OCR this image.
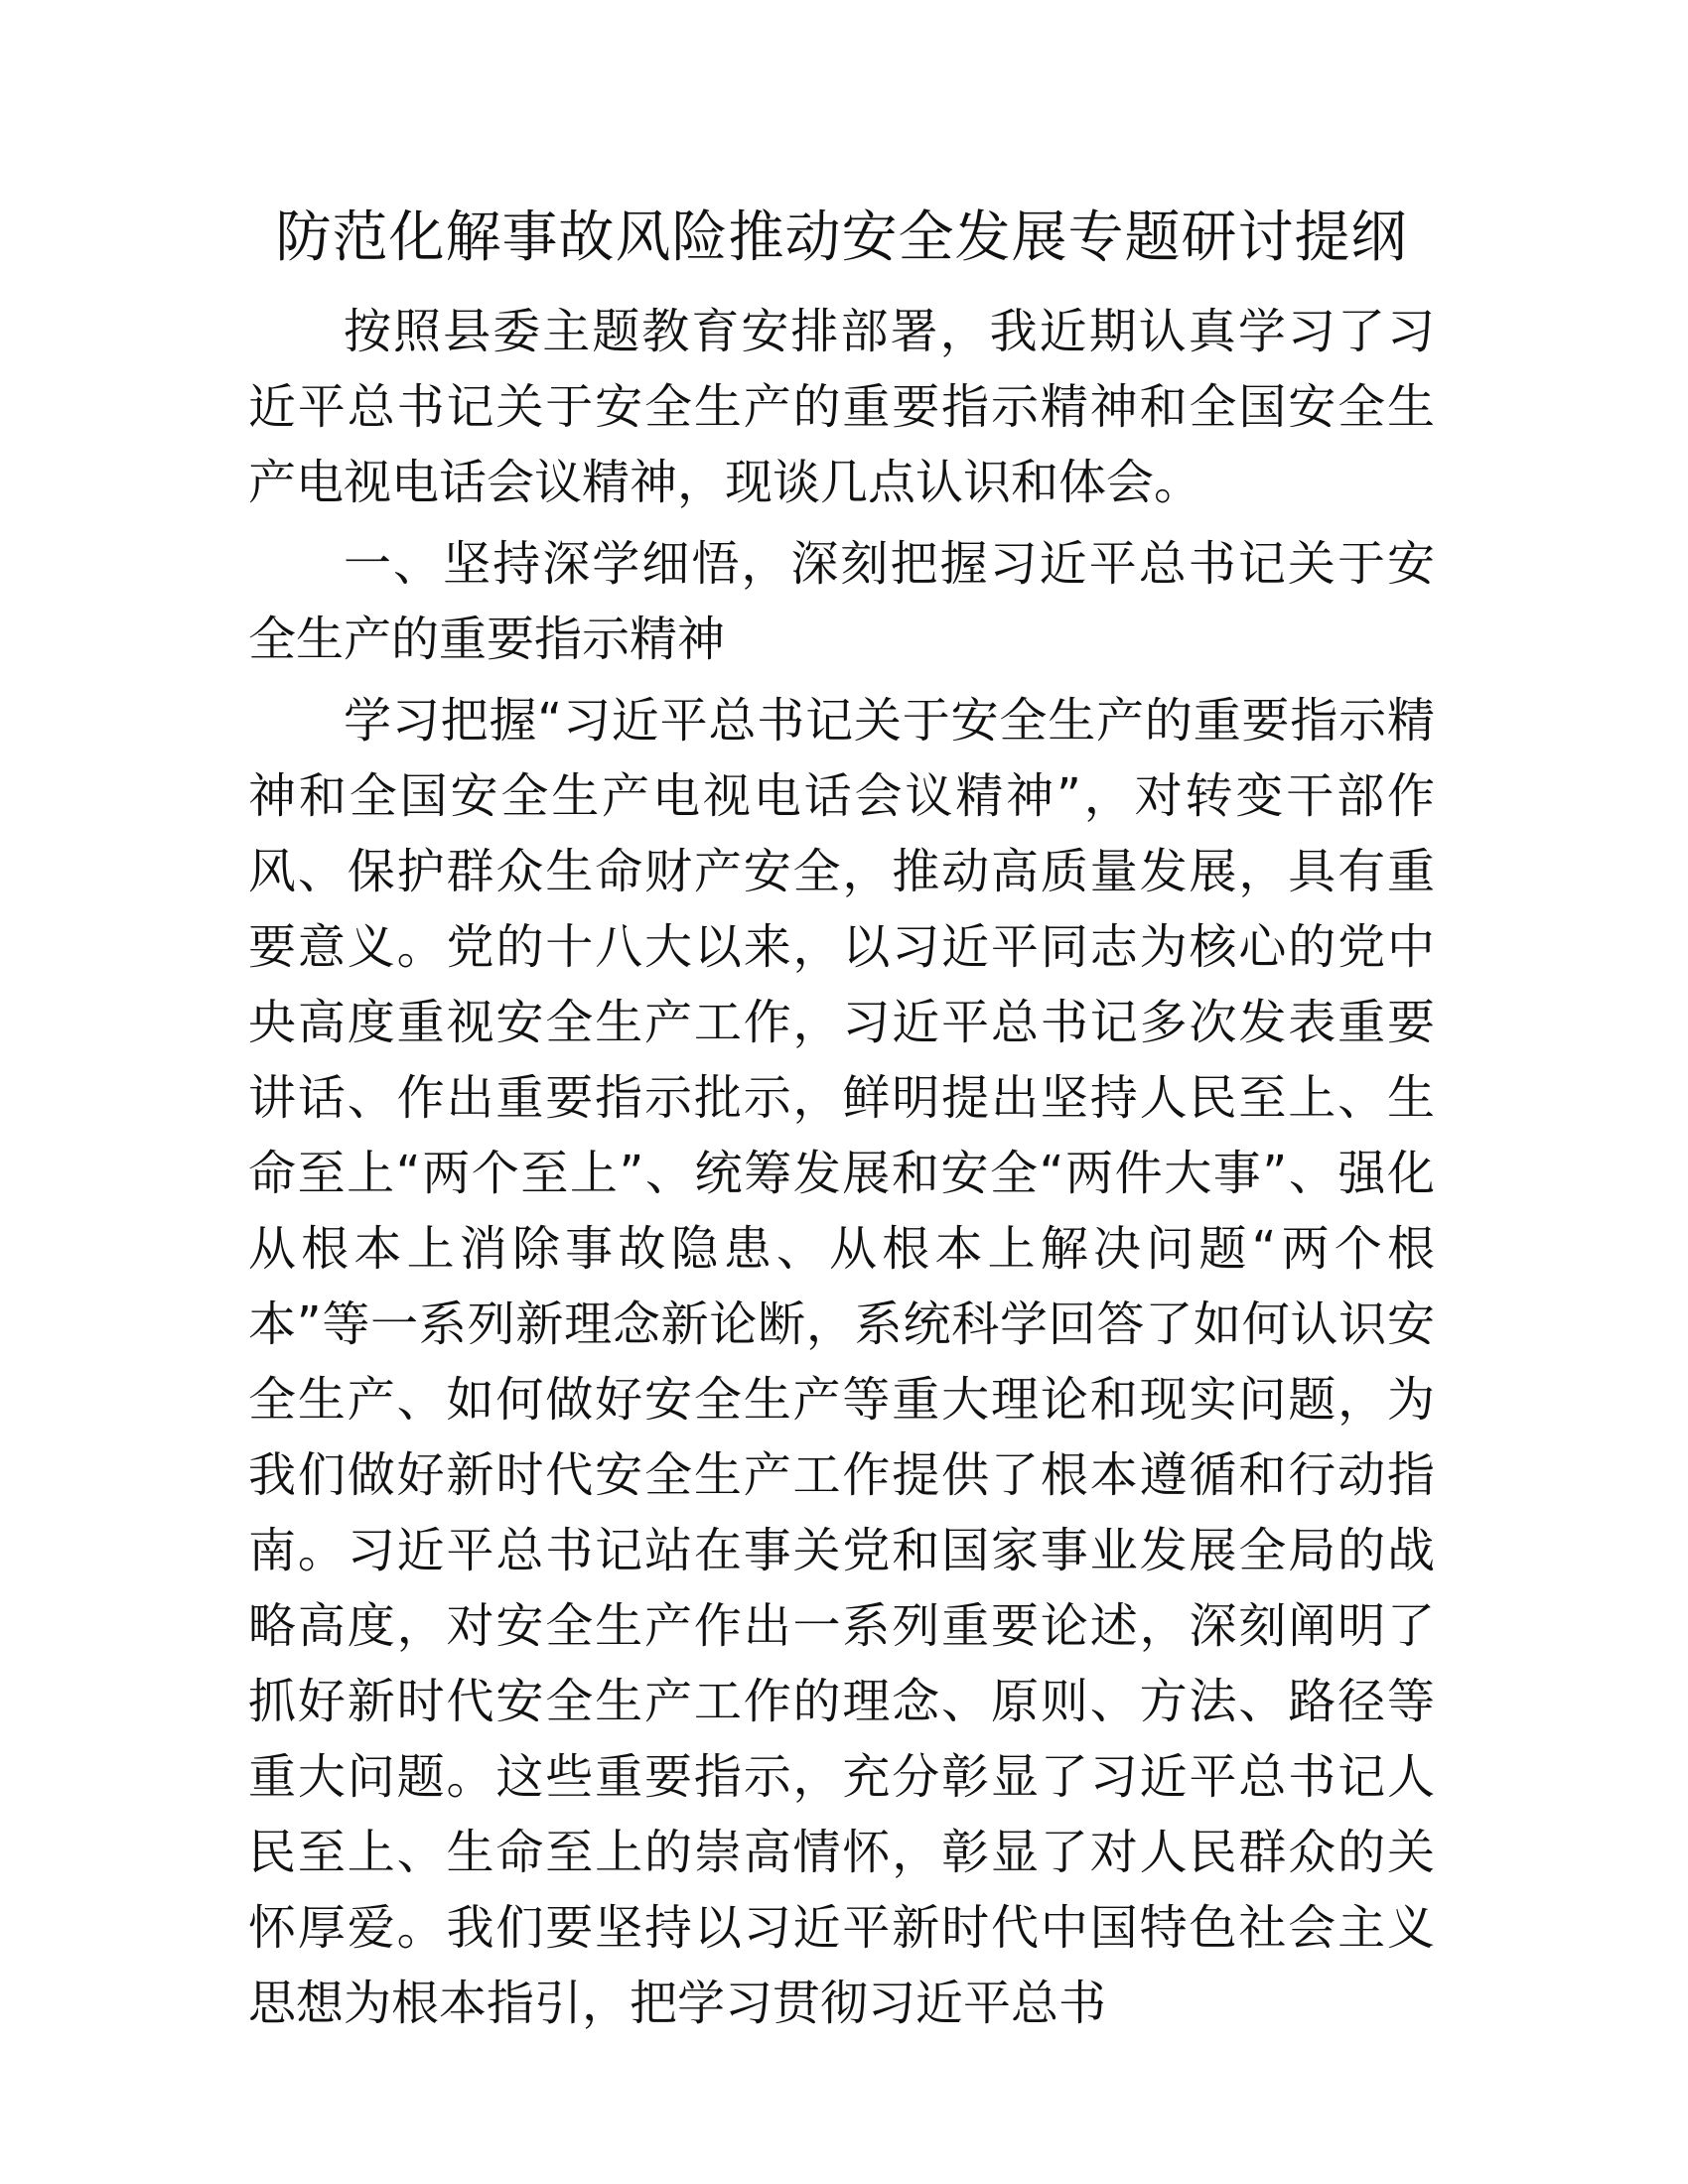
防范化解事故风险推动安全发展专题研讨提纲

按照县委主题教育安排部署，我近期认真学习了习近平总书记关于安全生产的重要指示精神和全国安全生产电视电话会议精神，现谈几点认识和体会。

一、坚持深学细悟，深刻把握习近平总书记关于安全生产的重要指示精神

学习把握“习近平总书记关于安全生产的重要指示精神和全国安全生产电视电话会议精神”，对转变干部作风、保护群众生命财产安全，推动高质量发展，具有重要意义。党的十八大以来，以习近平同志为核心的党中央高度重视安全生产工作，习近平总书记多次发表重要讲话、作出重要指示批示，鲜明提出坚持人民至上、生命至上“两个至上”、统筹发展和安全“两件大事”、强化从根本上消除事故隐患、从根本上解决问题“两个根本”等一系列新理念新论断，系统科学回答了如何认识安全生产、如何做好安全生产等重大理论和现实问题，为我们做好新时代安全生产工作提供了根本遵循和行动指南。习近平总书记站在事关党和国家事业发展全局的战略高度，对安全生产作出一系列重要论述，深刻阐明了抓好新时代安全生产工作的理念、原则、方法、路径等重大问题。这些重要指示，充分彰显了习近平总书记人民至上、生命至上的崇高情怀，彰显了对人民群众的关怀厚爱。我们要坚持以习近平新时代中国特色社会主义思想为根本指引，把学习贯彻习近平总书
